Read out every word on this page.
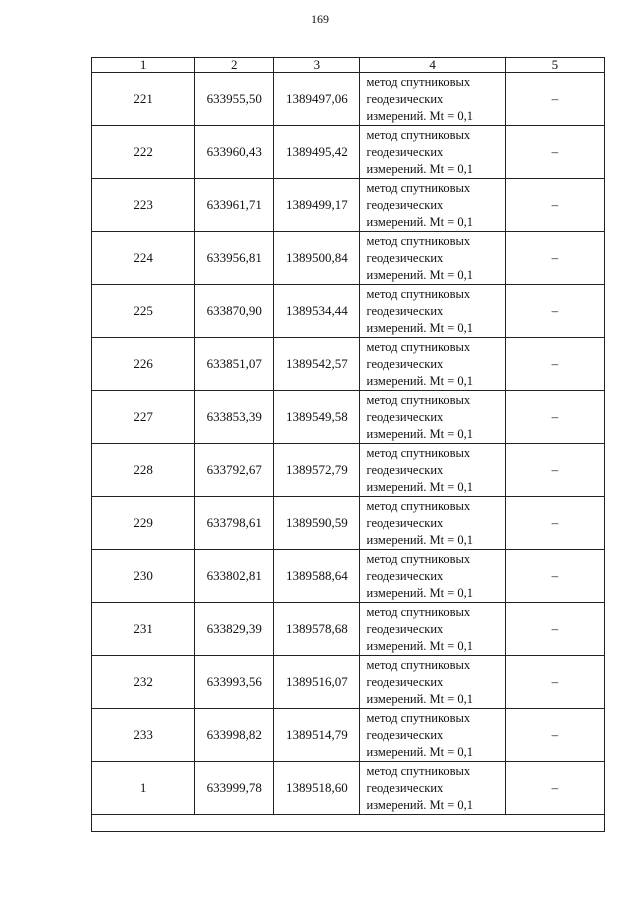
169
1	2	3	4	5
221	633955,50	1389497,06	метод спутниковых
геодезических
измерений. Mt = 0,1	–
222	633960,43	1389495,42	метод спутниковых
геодезических
измерений. Mt = 0,1	–
223	633961,71	1389499,17	метод спутниковых
геодезических
измерений. Mt = 0,1	–
224	633956,81	1389500,84	метод спутниковых
геодезических
измерений. Mt = 0,1	–
225	633870,90	1389534,44	метод спутниковых
геодезических
измерений. Mt = 0,1	–
226	633851,07	1389542,57	метод спутниковых
геодезических
измерений. Mt = 0,1	–
227	633853,39	1389549,58	метод спутниковых
геодезических
измерений. Mt = 0,1	–
228	633792,67	1389572,79	метод спутниковых
геодезических
измерений. Mt = 0,1	–
229	633798,61	1389590,59	метод спутниковых
геодезических
измерений. Mt = 0,1	–
230	633802,81	1389588,64	метод спутниковых
геодезических
измерений. Mt = 0,1	–
231	633829,39	1389578,68	метод спутниковых
геодезических
измерений. Mt = 0,1	–
232	633993,56	1389516,07	метод спутниковых
геодезических
измерений. Mt = 0,1	–
233	633998,82	1389514,79	метод спутниковых
геодезических
измерений. Mt = 0,1	–
1	633999,78	1389518,60	метод спутниковых
геодезических
измерений. Mt = 0,1	–
